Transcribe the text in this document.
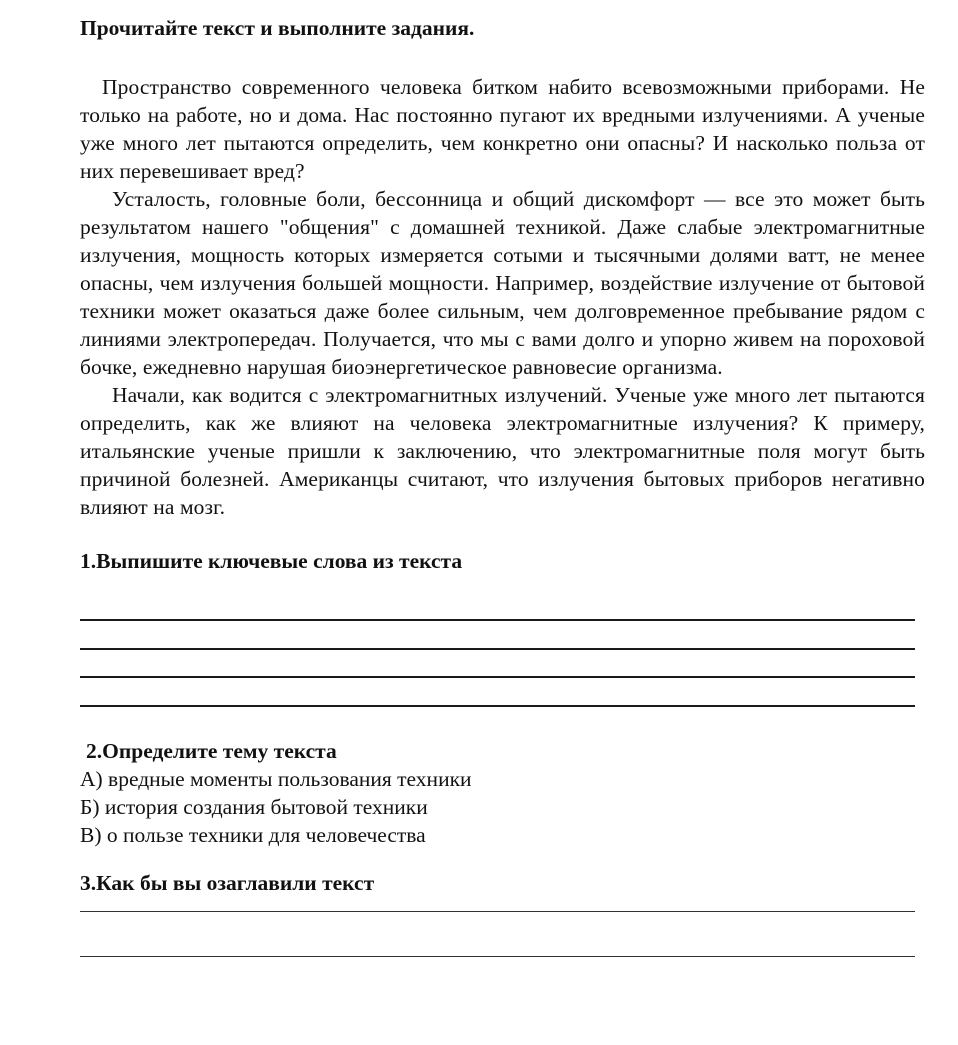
Прочитайте текст и выполните задания.

Пространство современного человека битком набито всевозможными приборами. Не только на работе, но и дома. Нас постоянно пугают их вредными излучениями. А ученые уже много лет пытаются определить, чем конкретно они опасны? И насколько польза от них перевешивает вред?

Усталость, головные боли, бессонница и общий дискомфорт — все это может быть результатом нашего "общения" с домашней техникой. Даже слабые электромагнитные излучения, мощность которых измеряется сотыми и тысячными долями ватт, не менее опасны, чем излучения большей мощности. Например, воздействие излучение от бытовой техники может оказаться даже более сильным, чем долговременное пребывание рядом с линиями электропередач. Получается, что мы с вами долго и упорно живем на пороховой бочке, ежедневно нарушая биоэнергетическое равновесие организма.

Начали, как водится с электромагнитных излучений. Ученые уже много лет пытаются определить, как же влияют на человека электромагнитные излучения? К примеру, итальянские ученые пришли к заключению, что электромагнитные поля могут быть причиной болезней. Американцы считают, что излучения бытовых приборов негативно влияют на мозг.

1.Выпишите ключевые слова из текста

2.Определите тему текста

А) вредные моменты пользования техники
Б) история создания бытовой техники
В) о пользе техники для человечества

3.Как бы вы озаглавили текст
